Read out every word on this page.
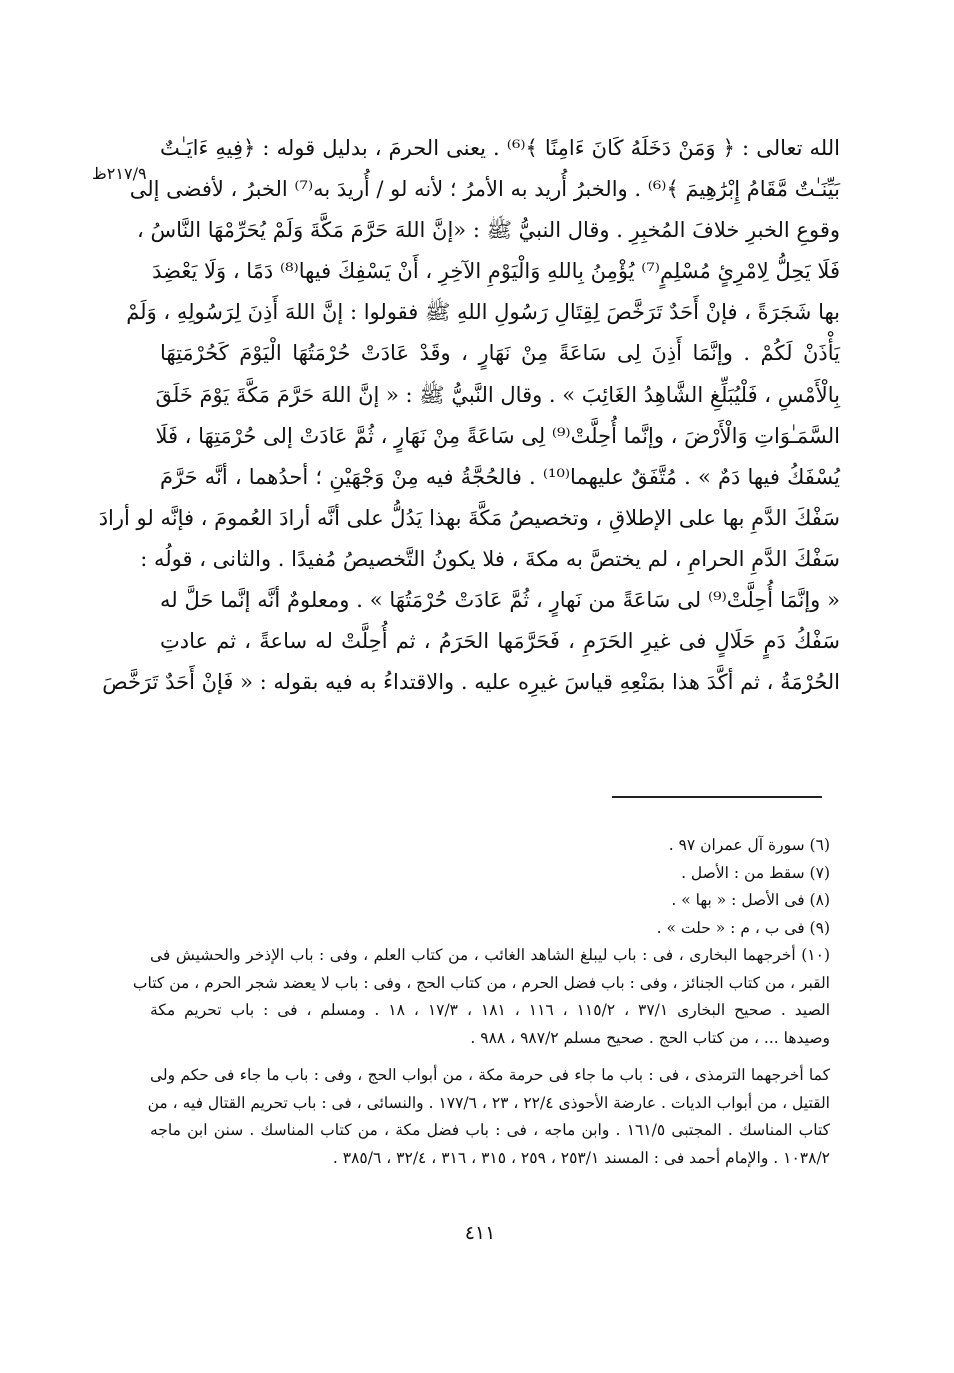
٢١٧/٩ظ
الله تعالى : ﴿ وَمَنْ دَخَلَهُ كَانَ ءَامِنًا ﴾⁽⁶⁾ . يعنى الحرمَ ، بدليل قوله : ﴿فِيهِ ءَايَـٰتٌ
بَيِّنَـٰتٌ مَّقَامُ إِبْرَٰهِيمَ ﴾⁽⁶⁾ . والخبرُ أُريد به الأمرُ ؛ لأنه لو / أُريدَ به⁽⁷⁾ الخبرُ ، لأفضى إلى
وقوعِ الخبرِ خلافَ المُخبِرِ . وقال النبيُّ ﷺ : «إنَّ اللهَ حَرَّمَ مَكَّةَ وَلَمْ يُحَرِّمْهَا النَّاسُ ،
فَلَا يَحِلُّ لِامْرِئٍ مُسْلِمٍ⁽⁷⁾ يُؤْمِنُ بِاللهِ وَالْيَوْمِ الآخِرِ ، أَنْ يَسْفِكَ فيها⁽⁸⁾ دَمًا ، وَلَا يَعْضِدَ
بها شَجَرَةً ، فإنْ أَحَدٌ تَرَخَّصَ لِقِتَالِ رَسُولِ اللهِ ﷺ فقولوا : إنَّ اللهَ أَذِنَ لِرَسُولِهِ ، وَلَمْ
يَأْذَنْ لَكُمْ . وإنَّمَا أَذِنَ لِى سَاعَةً مِنْ نَهَارٍ ، وقَدْ عَادَتْ حُرْمَتُهَا الْيَوْمَ كَحُرْمَتِهَا
بِالْأَمْسِ ، فَلْيُبَلِّغِ الشَّاهِدُ الغَائِبَ » . وقال النَّبيُّ ﷺ : « إنَّ اللهَ حَرَّمَ مَكَّةَ يَوْمَ خَلَقَ
السَّمَـٰوَاتِ وَالْأَرْضَ ، وإنَّما أُحِلَّتْ⁽⁹⁾ لِى سَاعَةً مِنْ نَهَارٍ ، ثُمَّ عَادَتْ إلى حُرْمَتِهَا ، فَلَا
يُسْفَكُ فيها دَمٌ » . مُتَّفَقٌ عليهما⁽¹⁰⁾ . فالحُجَّةُ فيه مِنْ وَجْهَيْنِ ؛ أحدُهما ، أنَّه حَرَّمَ
سَفْكَ الدَّمِ بها على الإطلاقِ ، وتخصيصُ مَكَّةَ بهذا يَدُلُّ على أنَّه أرادَ العُمومَ ، فإنَّه لو أرادَ
سَفْكَ الدَّمِ الحرامِ ، لم يختصَّ به مكةَ ، فلا يكونُ التَّخصيصُ مُفيدًا . والثانى ، قولُه :
« وإنَّمَا أُحِلَّتْ⁽⁹⁾ لى سَاعَةً من نَهارٍ ، ثُمَّ عَادَتْ حُرْمَتُهَا » . ومعلومٌ أنَّه إنَّما حَلَّ له
سَفْكُ دَمٍ حَلَالٍ فى غيرِ الحَرَمِ ، فَحَرَّمَها الحَرَمُ ، ثم أُحِلَّتْ له ساعةً ، ثم عادتِ
الحُرْمَةُ ، ثم أكَّدَ هذا بمَنْعِهِ قياسَ غيرِه عليه . والاقتداءُ به فيه بقوله : « فَإنْ أَحَدٌ تَرَخَّصَ
(٦) سورة آل عمران ٩٧ .
(٧) سقط من : الأصل .
(٨) فى الأصل : « بها » .
(٩) فى ب ، م : « حلت » .
(١٠) أخرجهما البخارى ، فى : باب ليبلغ الشاهد الغائب ، من كتاب العلم ، وفى : باب الإذخر والحشيش فى
القبر ، من كتاب الجنائز ، وفى : باب فضل الحرم ، من كتاب الحج ، وفى : باب لا يعضد شجر الحرم ، من كتاب
الصيد . صحيح البخارى ٣٧/١ ، ١١٥/٢ ، ١١٦ ، ١٨١ ، ١٧/٣ ، ١٨ . ومسلم ، فى : باب تحريم مكة
وصيدها ... ، من كتاب الحج . صحيح مسلم ٩٨٧/٢ ، ٩٨٨ .
كما أخرجهما الترمذى ، فى : باب ما جاء فى حرمة مكة ، من أبواب الحج ، وفى : باب ما جاء فى حكم ولى
القتيل ، من أبواب الديات . عارضة الأحوذى ٢٢/٤ ، ٢٣ ، ١٧٧/٦ . والنسائى ، فى : باب تحريم القتال فيه ، من
كتاب المناسك . المجتبى ١٦١/٥ . وابن ماجه ، فى : باب فضل مكة ، من كتاب المناسك . سنن ابن ماجه
١٠٣٨/٢ . والإمام أحمد فى : المسند ٢٥٣/١ ، ٢٥٩ ، ٣١٥ ، ٣١٦ ، ٣٢/٤ ، ٣٨٥/٦ .
٤١١
